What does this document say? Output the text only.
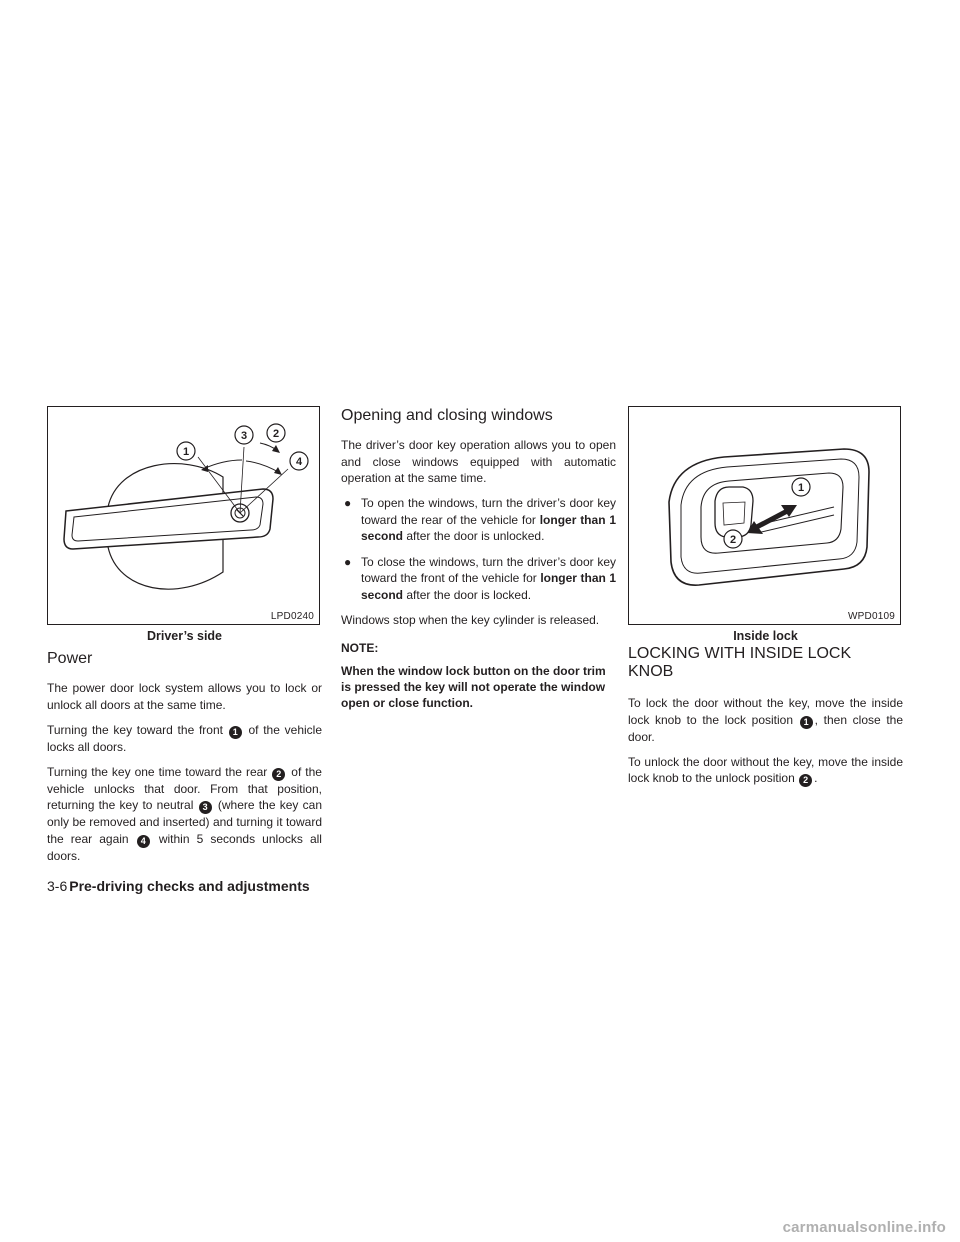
1
3 2
4
LPD0240
Driver’s side
Power

The power door lock system allows you to lock or unlock all doors at the same time.

Turning the key toward the front 1 of the vehicle locks all doors.

Turning the key one time toward the rear 2 of the vehicle unlocks that door. From that position, returning the key to neutral 3 (where the key can only be removed and inserted) and turning it toward the rear again 4 within 5 seconds unlocks all doors.

Opening and closing windows

The driver’s door key operation allows you to open and close windows equipped with automatic operation at the same time.

● To open the windows, turn the driver’s door key toward the rear of the vehicle for longer than 1 second after the door is unlocked.
● To close the windows, turn the driver’s door key toward the front of the vehicle for longer than 1 second after the door is locked.

Windows stop when the key cylinder is released.

NOTE:

When the window lock button on the door trim is pressed the key will not operate the window open or close function.

1
2
WPD0109
Inside lock
LOCKING WITH INSIDE LOCK KNOB

To lock the door without the key, move the inside lock knob to the lock position 1 , then close the door.

To unlock the door without the key, move the inside lock knob to the unlock position 2 .

3-6 Pre-driving checks and adjustments
carmanualsonline.info
